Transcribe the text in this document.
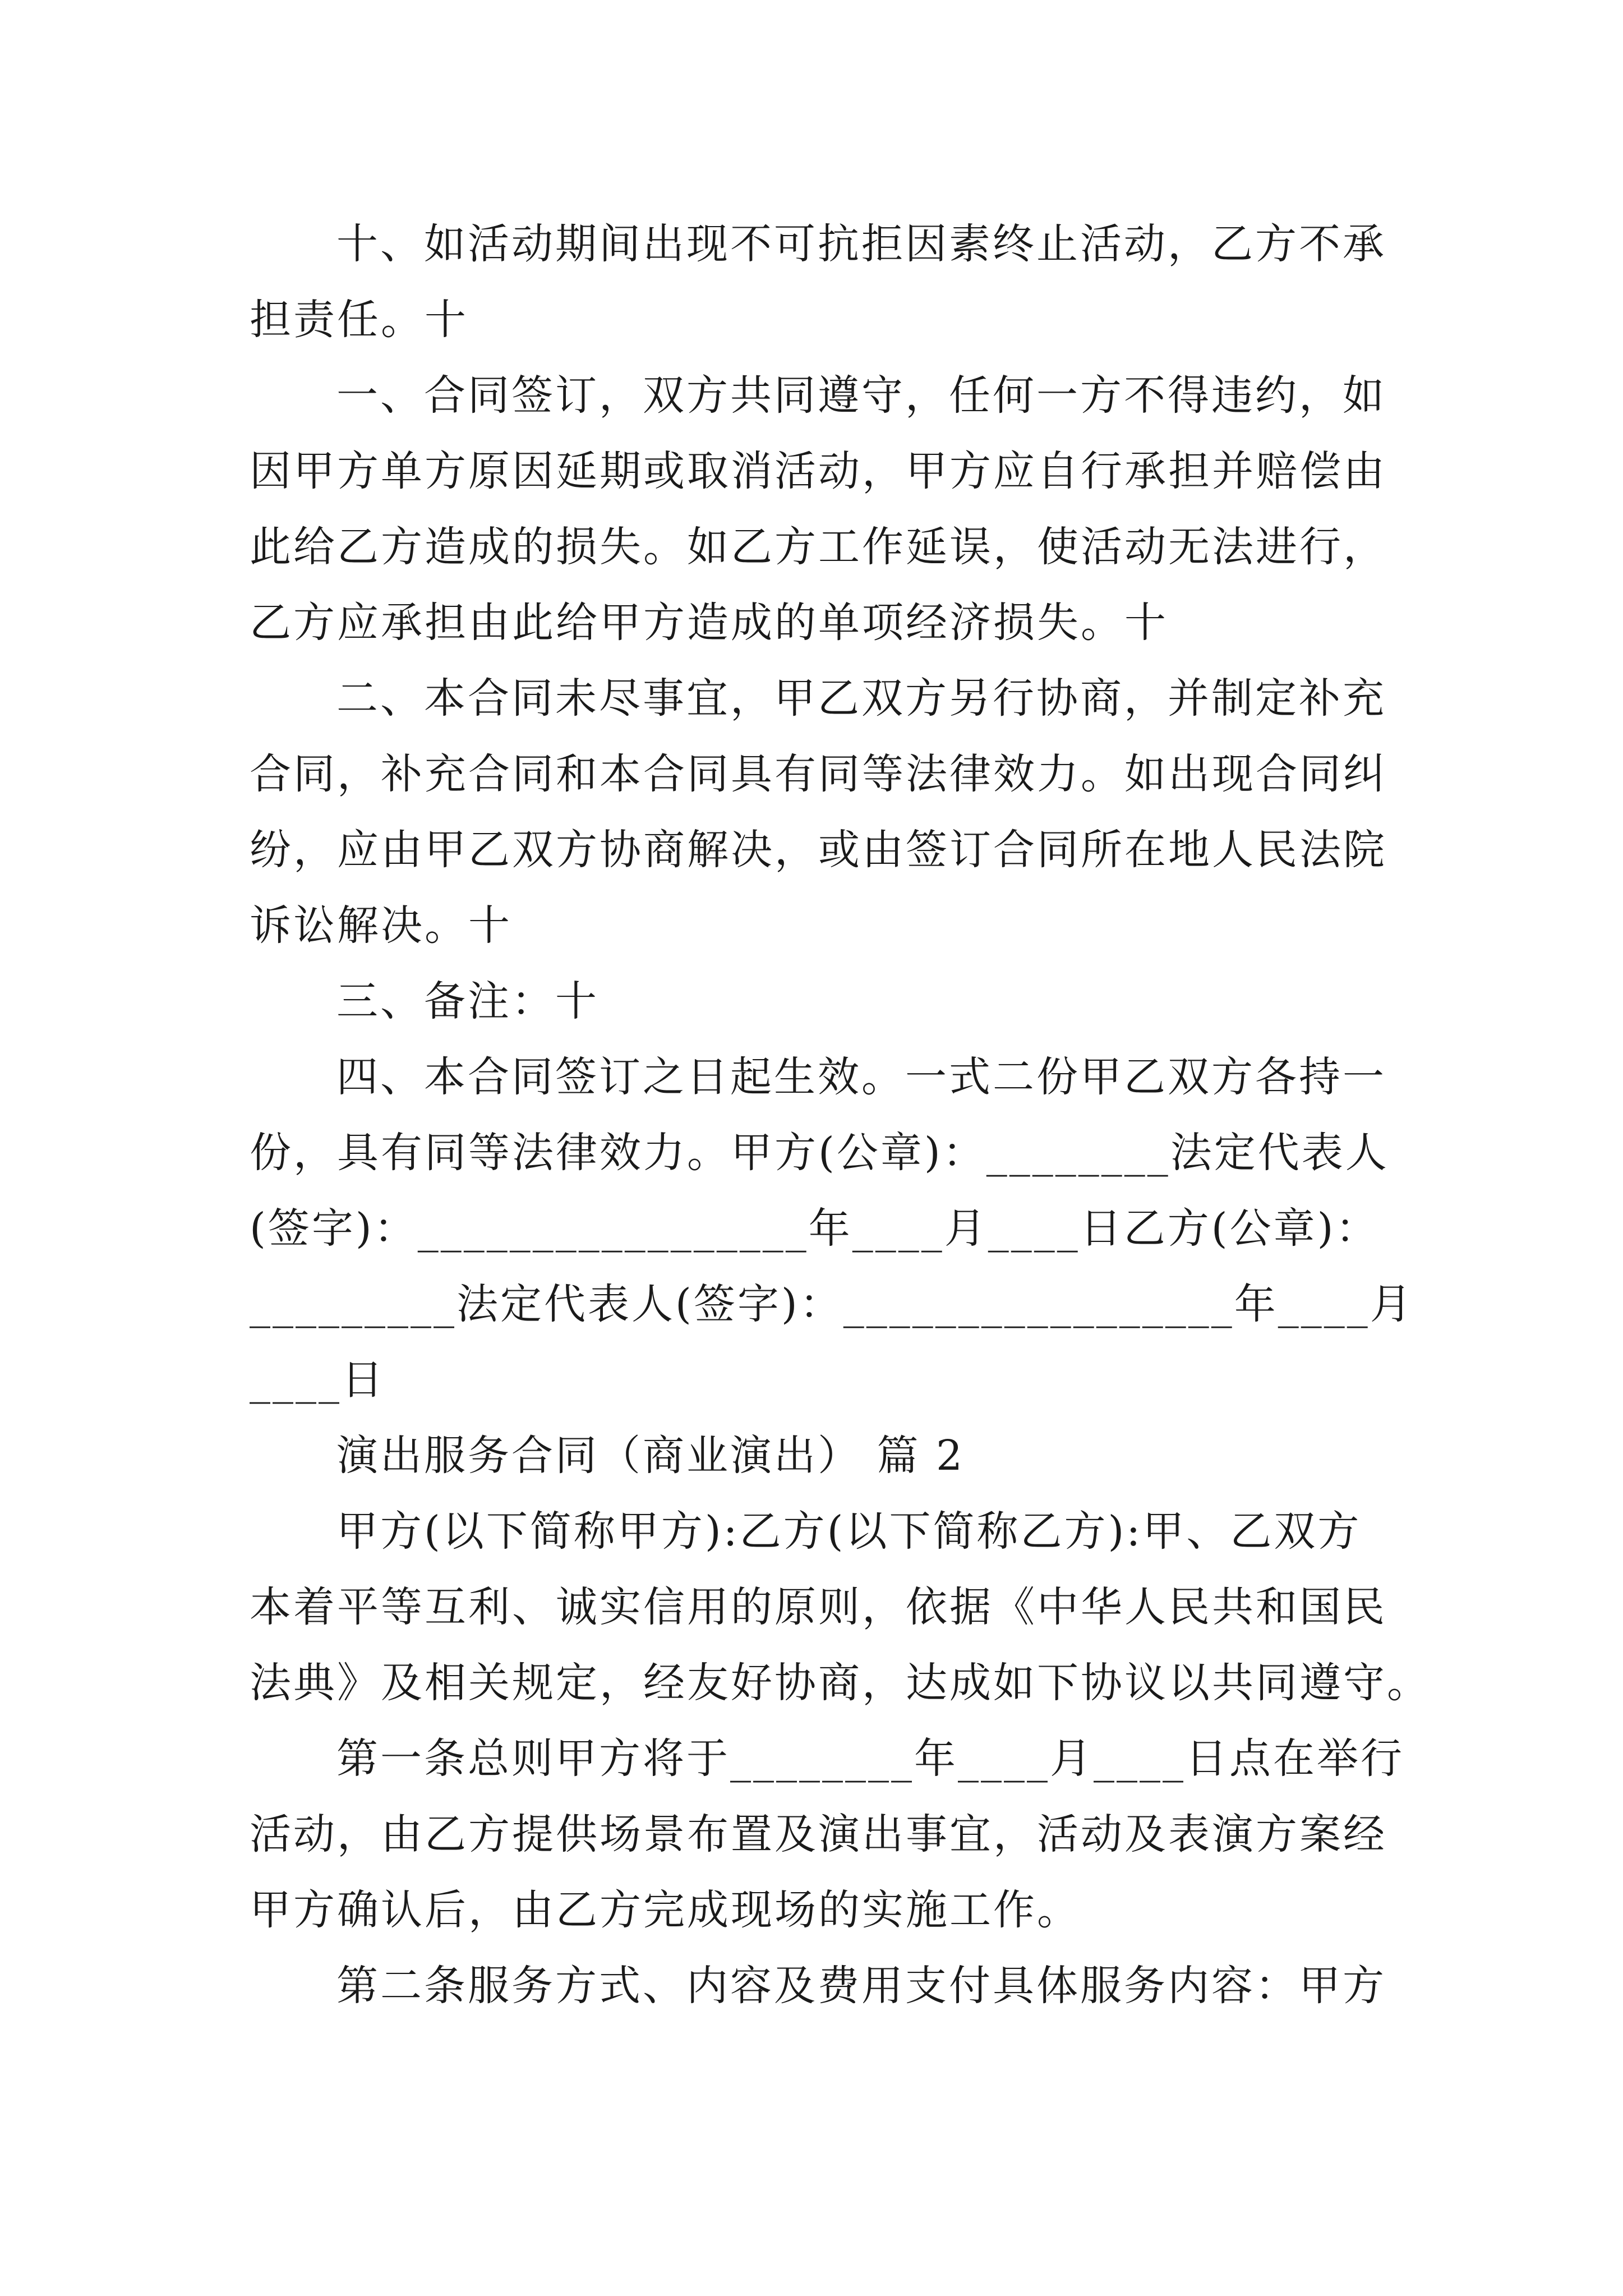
十、如活动期间出现不可抗拒因素终止活动，乙方不承
担责任。十
一、合同签订，双方共同遵守，任何一方不得违约，如
因甲方单方原因延期或取消活动，甲方应自行承担并赔偿由
此给乙方造成的损失。如乙方工作延误，使活动无法进行，
乙方应承担由此给甲方造成的单项经济损失。十
二、本合同未尽事宜，甲乙双方另行协商，并制定补充
合同，补充合同和本合同具有同等法律效力。如出现合同纠
纷，应由甲乙双方协商解决，或由签订合同所在地人民法院
诉讼解决。十
三、备注：十
四、本合同签订之日起生效。一式二份甲乙双方各持一
份，具有同等法律效力。甲方(公章)：________法定代表人
(签字)：_________________年____月____日乙方(公章)：
_________法定代表人(签字)：_________________年____月
____日
演出服务合同（商业演出） 篇 2
甲方(以下简称甲方):乙方(以下简称乙方):甲、乙双方
本着平等互利、诚实信用的原则，依据《中华人民共和国民
法典》及相关规定，经友好协商，达成如下协议以共同遵守。
第一条总则甲方将于________年____月____日点在举行
活动，由乙方提供场景布置及演出事宜，活动及表演方案经
甲方确认后，由乙方完成现场的实施工作。
第二条服务方式、内容及费用支付具体服务内容：甲方
